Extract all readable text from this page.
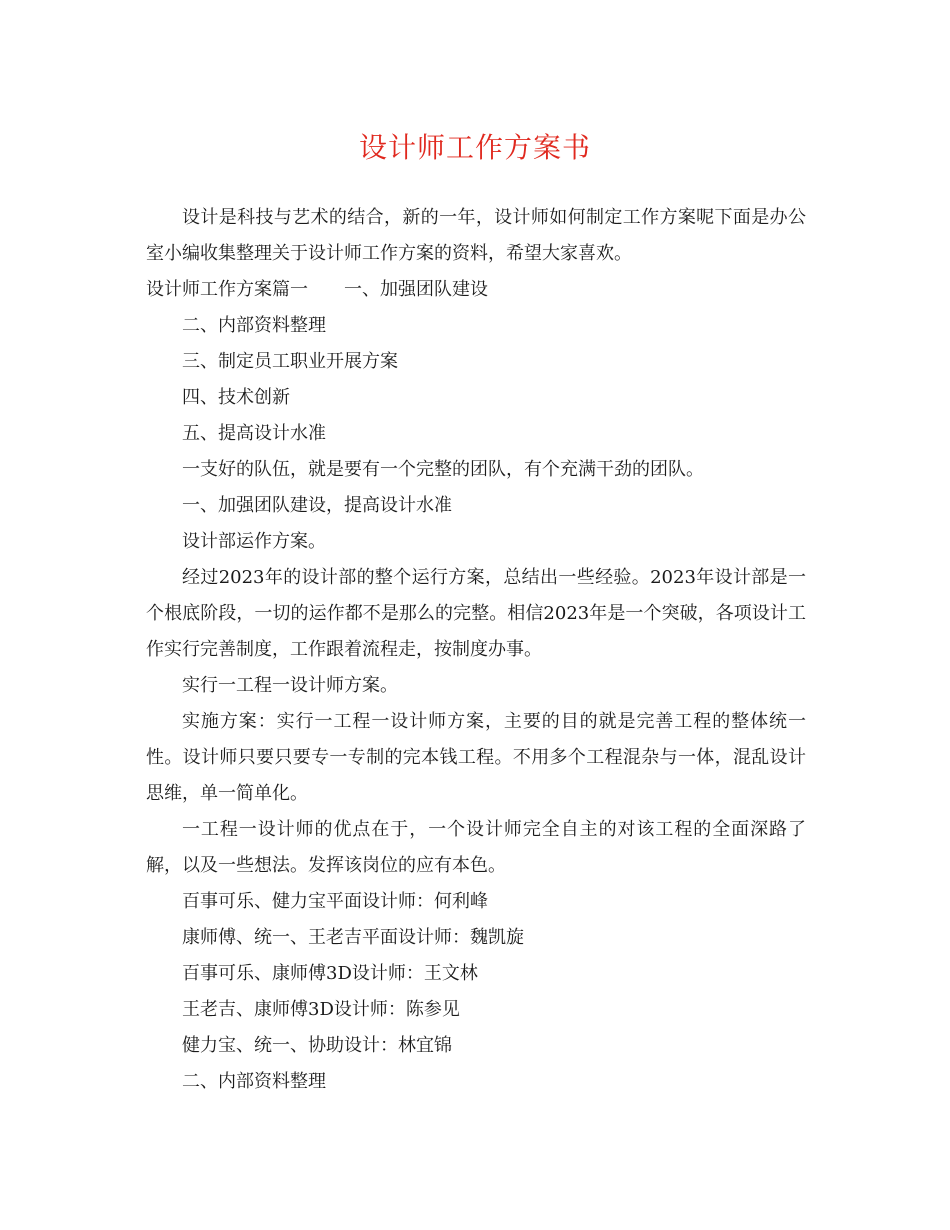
设计师工作方案书

设计是科技与艺术的结合，新的一年，设计师如何制定工作方案呢下面是办公室小编收集整理关于设计师工作方案的资料，希望大家喜欢。

设计师工作方案篇一 一、加强团队建设

二、内部资料整理

三、制定员工职业开展方案

四、技术创新

五、提高设计水准

一支好的队伍，就是要有一个完整的团队，有个充满干劲的团队。

一、加强团队建设，提高设计水准

设计部运作方案。

经过2023年的设计部的整个运行方案，总结出一些经验。2023年设计部是一个根底阶段，一切的运作都不是那么的完整。相信2023年是一个突破，各项设计工作实行完善制度，工作跟着流程走，按制度办事。

实行一工程一设计师方案。

实施方案：实行一工程一设计师方案，主要的目的就是完善工程的整体统一性。设计师只要只要专一专制的完本钱工程。不用多个工程混杂与一体，混乱设计思维，单一简单化。

一工程一设计师的优点在于，一个设计师完全自主的对该工程的全面深路了解，以及一些想法。发挥该岗位的应有本色。

百事可乐、健力宝平面设计师：何利峰

康师傅、统一、王老吉平面设计师：魏凯旋

百事可乐、康师傅3D设计师：王文林

王老吉、康师傅3D设计师：陈参见

健力宝、统一、协助设计：林宜锦

二、内部资料整理
